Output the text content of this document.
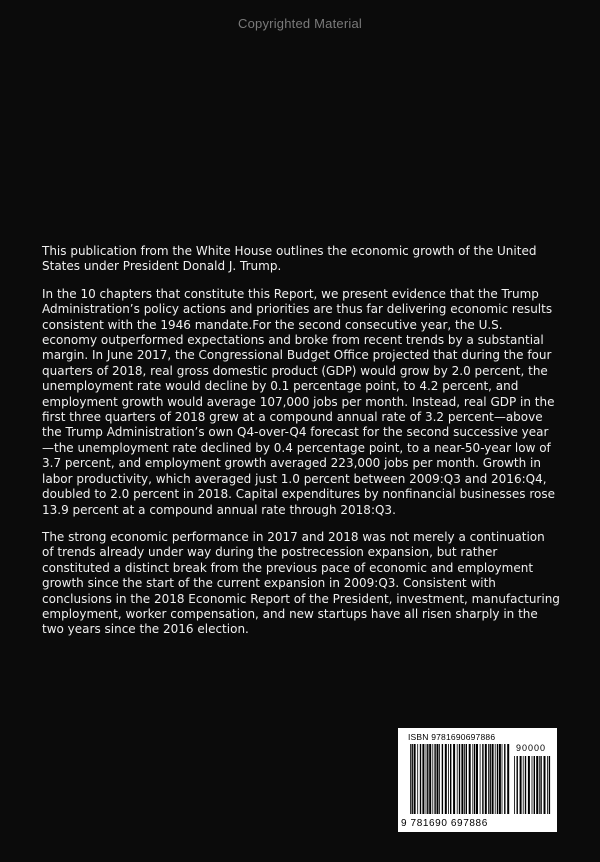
Copyrighted Material

This publication from the White House outlines the economic growth of the United States under President Donald J. Trump.

In the 10 chapters that constitute this Report, we present evidence that the Trump Administration’s policy actions and priorities are thus far delivering economic results consistent with the 1946 mandate.For the second consecutive year, the U.S. economy outperformed expectations and broke from recent trends by a substantial margin. In June 2017, the Congressional Budget Office projected that during the four quarters of 2018, real gross domestic product (GDP) would grow by 2.0 percent, the unemployment rate would decline by 0.1 percentage point, to 4.2 percent, and employment growth would average 107,000 jobs per month. Instead, real GDP in the first three quarters of 2018 grew at a compound annual rate of 3.2 percent—above the Trump Administration’s own Q4-over-Q4 forecast for the second successive year—the unemployment rate declined by 0.4 percentage point, to a near-50-year low of 3.7 percent, and employment growth averaged 223,000 jobs per month. Growth in labor productivity, which averaged just 1.0 percent between 2009:Q3 and 2016:Q4, doubled to 2.0 percent in 2018. Capital expenditures by nonfinancial businesses rose 13.9 percent at a compound annual rate through 2018:Q3.

The strong economic performance in 2017 and 2018 was not merely a continuation of trends already under way during the postrecession expansion, but rather constituted a distinct break from the previous pace of economic and employment growth since the start of the current expansion in 2009:Q3. Consistent with conclusions in the 2018 Economic Report of the President, investment, manufacturing employment, worker compensation, and new startups have all risen sharply in the two years since the 2016 election.

ISBN 9781690697886
90000
9 781690 697886
